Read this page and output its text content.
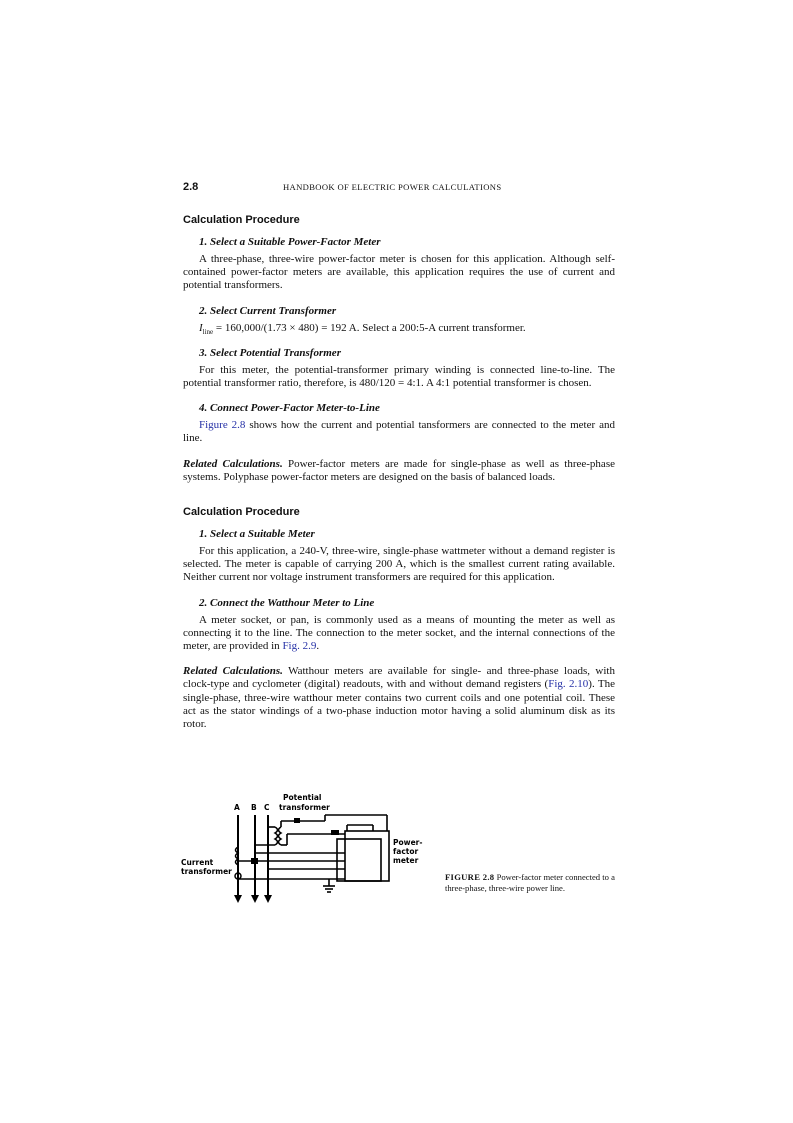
2.8	HANDBOOK OF ELECTRIC POWER CALCULATIONS
Calculation Procedure
1. Select a Suitable Power-Factor Meter

A three-phase, three-wire power-factor meter is chosen for this application. Although self-contained power-factor meters are available, this application requires the use of current and potential transformers.

2. Select Current Transformer

$I_{line} = 160,000/(1.73 \times 480) = 192$ A. Select a 200:5-A current transformer.

3. Select Potential Transformer

For this meter, the potential-transformer primary winding is connected line-to-line. The potential transformer ratio, therefore, is 480/120 = 4:1. A 4:1 potential transformer is chosen.

4. Connect Power-Factor Meter-to-Line

Figure 2.8 shows how the current and potential tansformers are connected to the meter and line.

Related Calculations. Power-factor meters are made for single-phase as well as three-phase systems. Polyphase power-factor meters are designed on the basis of balanced loads.

Calculation Procedure
1. Select a Suitable Meter

For this application, a 240-V, three-wire, single-phase wattmeter without a demand register is selected. The meter is capable of carrying 200 A, which is the smallest current rating available. Neither current nor voltage instrument transformers are required for this application.

2. Connect the Watthour Meter to Line

A meter socket, or pan, is commonly used as a means of mounting the meter as well as connecting it to the line. The connection to the meter socket, and the internal connections of the meter, are provided in Fig. 2.9.

Related Calculations. Watthour meters are available for single- and three-phase loads, with clock-type and cyclometer (digital) readouts, with and without demand registers (Fig. 2.10). The single-phase, three-wire watthour meter contains two current coils and one potential coil. These act as the stator windings of a two-phase induction motor having a solid aluminum disk as its rotor.

Potential
transformer
A B C
Power-
factor
meter
Current
transformer
FIGURE 2.8 Power-factor meter connected to a three-phase, three-wire power line.
